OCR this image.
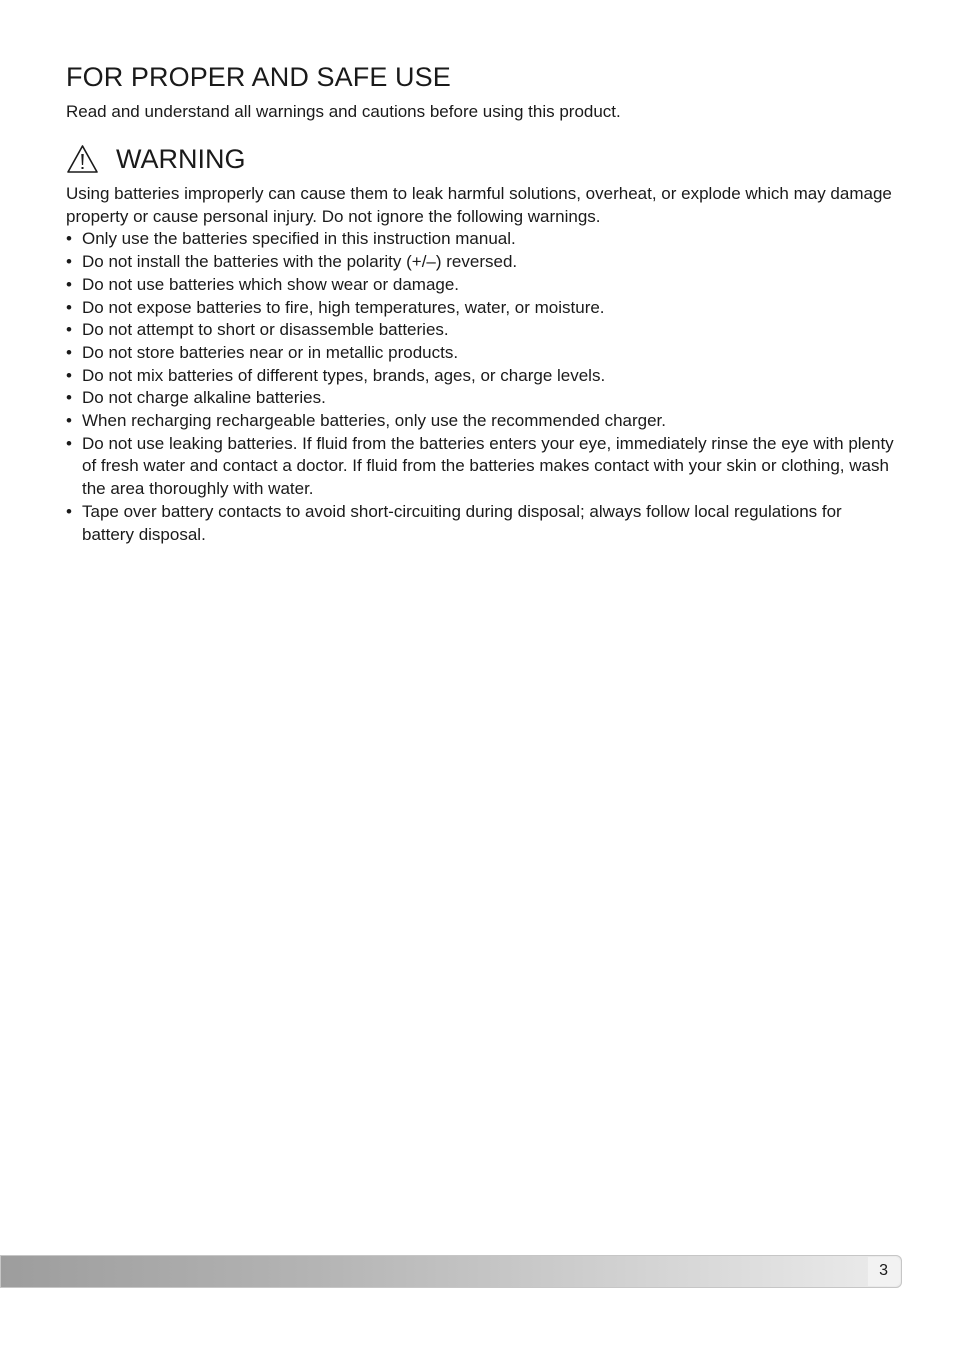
FOR PROPER AND SAFE USE

Read and understand all warnings and cautions before using this product.

WARNING

Using batteries improperly can cause them to leak harmful solutions, overheat, or explode which may damage property or cause personal injury. Do not ignore the following warnings.

• Only use the batteries specified in this instruction manual.
• Do not install the batteries with the polarity (+/–) reversed.
• Do not use batteries which show wear or damage.
• Do not expose batteries to fire, high temperatures, water, or moisture.
• Do not attempt to short or disassemble batteries.
• Do not store batteries near or in metallic products.
• Do not mix batteries of different types, brands, ages, or charge levels.
• Do not charge alkaline batteries.
• When recharging rechargeable batteries, only use the recommended charger.
• Do not use leaking batteries. If fluid from the batteries enters your eye, immediately rinse the eye with plenty of fresh water and contact a doctor. If fluid from the batteries makes contact with your skin or clothing, wash the area thoroughly with water.
• Tape over battery contacts to avoid short-circuiting during disposal; always follow local regulations for battery disposal.
3
